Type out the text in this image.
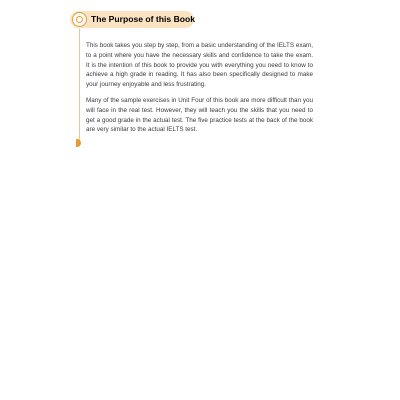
The Purpose of this Book

This book takes you step by step, from a basic understanding of the IELTS exam, to a point where you have the necessary skills and confidence to take the exam. It is the intention of this book to provide you with everything you need to know to achieve a high grade in reading. It has also been specifically designed to make your journey enjoyable and less frustrating.

Many of the sample exercises in Unit Four of this book are more difficult than you will face in the real test. However, they will teach you the skills that you need to get a good grade in the actual test. The five practice tests at the back of the book are very similar to the actual IELTS test.
